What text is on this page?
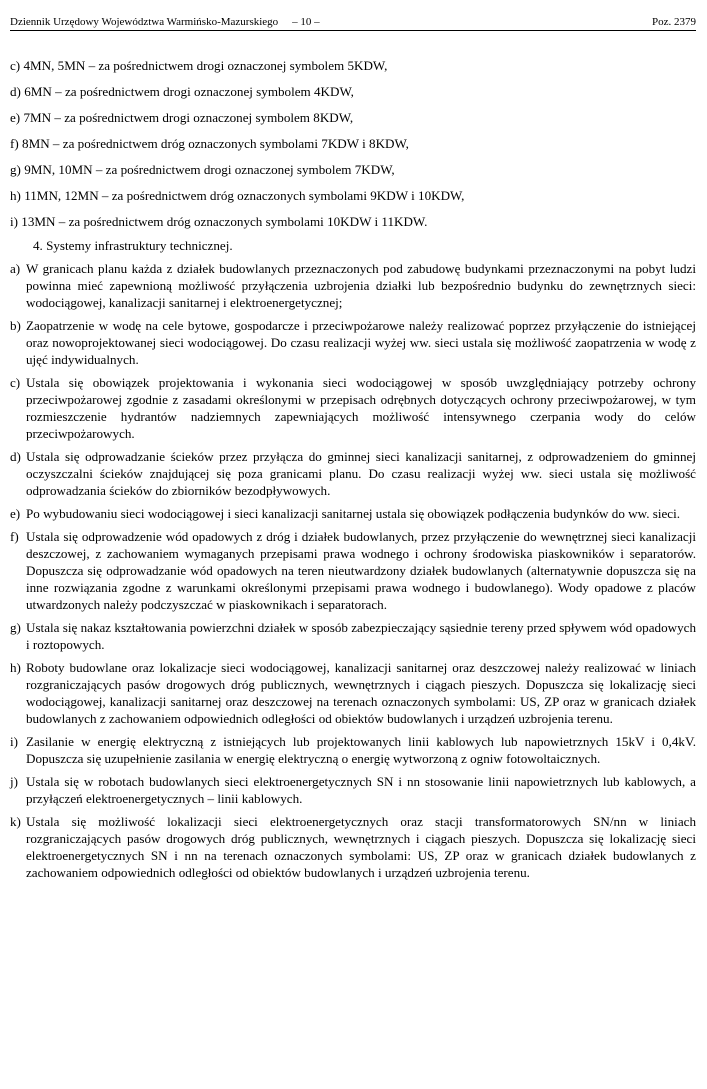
Dziennik Urzędowy Województwa Warmińsko-Mazurskiego – 10 –	Poz. 2379

c) 4MN, 5MN – za pośrednictwem drogi oznaczonej symbolem 5KDW,

d) 6MN – za pośrednictwem drogi oznaczonej symbolem 4KDW,

e) 7MN – za pośrednictwem drogi oznaczonej symbolem 8KDW,

f) 8MN – za pośrednictwem dróg oznaczonych symbolami 7KDW i 8KDW,

g) 9MN, 10MN – za pośrednictwem drogi oznaczonej symbolem 7KDW,

h) 11MN, 12MN – za pośrednictwem dróg oznaczonych symbolami 9KDW i 10KDW,

i) 13MN – za pośrednictwem dróg oznaczonych symbolami 10KDW i 11KDW.

4. Systemy infrastruktury technicznej.

a) W granicach planu każda z działek budowlanych przeznaczonych pod zabudowę budynkami przeznaczonymi na pobyt ludzi powinna mieć zapewnioną możliwość przyłączenia uzbrojenia działki lub bezpośrednio budynku do zewnętrznych sieci: wodociągowej, kanalizacji sanitarnej i elektroenergetycznej;
b) Zaopatrzenie w wodę na cele bytowe, gospodarcze i przeciwpożarowe należy realizować poprzez przyłączenie do istniejącej oraz nowoprojektowanej sieci wodociągowej. Do czasu realizacji wyżej ww. sieci ustala się możliwość zaopatrzenia w wodę z ujęć indywidualnych.
c) Ustala się obowiązek projektowania i wykonania sieci wodociągowej w sposób uwzględniający potrzeby ochrony przeciwpożarowej zgodnie z zasadami określonymi w przepisach odrębnych dotyczących ochrony przeciwpożarowej, w tym rozmieszczenie hydrantów nadziemnych zapewniających możliwość intensywnego czerpania wody do celów przeciwpożarowych.
d) Ustala się odprowadzanie ścieków przez przyłącza do gminnej sieci kanalizacji sanitarnej, z odprowadzeniem do gminnej oczyszczalni ścieków znajdującej się poza granicami planu. Do czasu realizacji wyżej ww. sieci ustala się możliwość odprowadzania ścieków do zbiorników bezodpływowych.
e) Po wybudowaniu sieci wodociągowej i sieci kanalizacji sanitarnej ustala się obowiązek podłączenia budynków do ww. sieci.
f) Ustala się odprowadzenie wód opadowych z dróg i działek budowlanych, przez przyłączenie do wewnętrznej sieci kanalizacji deszczowej, z zachowaniem wymaganych przepisami prawa wodnego i ochrony środowiska piaskowników i separatorów. Dopuszcza się odprowadzanie wód opadowych na teren nieutwardzony działek budowlanych (alternatywnie dopuszcza się na inne rozwiązania zgodne z warunkami określonymi przepisami prawa wodnego i budowlanego). Wody opadowe z placów utwardzonych należy podczyszczać w piaskownikach i separatorach.
g) Ustala się nakaz kształtowania powierzchni działek w sposób zabezpieczający sąsiednie tereny przed spływem wód opadowych i roztopowych.
h) Roboty budowlane oraz lokalizacje sieci wodociągowej, kanalizacji sanitarnej oraz deszczowej należy realizować w liniach rozgraniczających pasów drogowych dróg publicznych, wewnętrznych i ciągach pieszych. Dopuszcza się lokalizację sieci wodociągowej, kanalizacji sanitarnej oraz deszczowej na terenach oznaczonych symbolami: US, ZP oraz w granicach działek budowlanych z zachowaniem odpowiednich odległości od obiektów budowlanych i urządzeń uzbrojenia terenu.
i) Zasilanie w energię elektryczną z istniejących lub projektowanych linii kablowych lub napowietrznych 15kV i 0,4kV. Dopuszcza się uzupełnienie zasilania w energię elektryczną o energię wytworzoną z ogniw fotowoltaicznych.
j) Ustala się w robotach budowlanych sieci elektroenergetycznych SN i nn stosowanie linii napowietrznych lub kablowych, a przyłączeń elektroenergetycznych – linii kablowych.
k) Ustala się możliwość lokalizacji sieci elektroenergetycznych oraz stacji transformatorowych SN/nn w liniach rozgraniczających pasów drogowych dróg publicznych, wewnętrznych i ciągach pieszych. Dopuszcza się lokalizację sieci elektroenergetycznych SN i nn na terenach oznaczonych symbolami: US, ZP oraz w granicach działek budowlanych z zachowaniem odpowiednich odległości od obiektów budowlanych i urządzeń uzbrojenia terenu.
